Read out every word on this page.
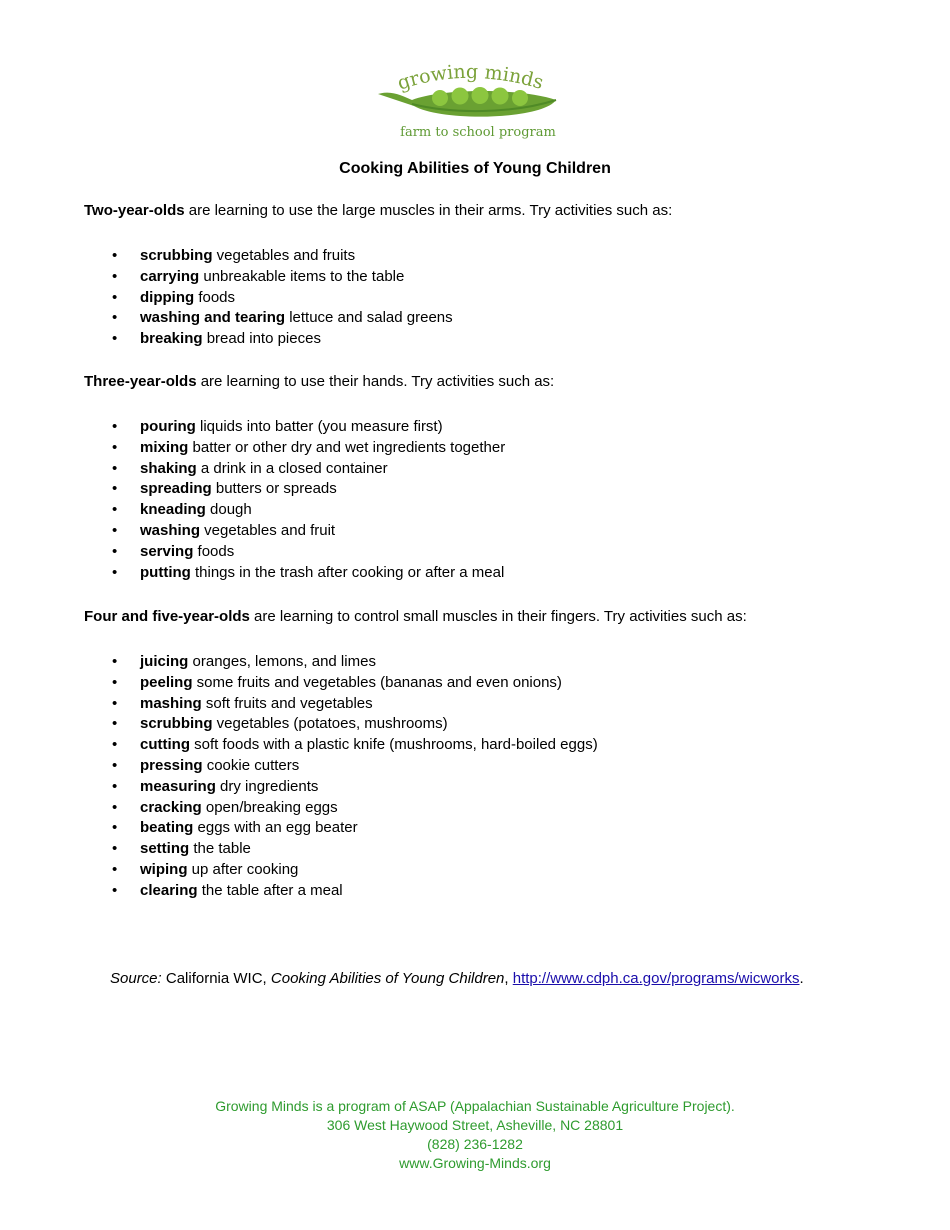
growing minds
farm to school program
Cooking Abilities of Young Children
Two-year-olds are learning to use the large muscles in their arms. Try activities such as:
• scrubbing vegetables and fruits
• carrying unbreakable items to the table
• dipping foods
• washing and tearing lettuce and salad greens
• breaking bread into pieces
Three-year-olds are learning to use their hands. Try activities such as:
• pouring liquids into batter (you measure first)
• mixing batter or other dry and wet ingredients together
• shaking a drink in a closed container
• spreading butters or spreads
• kneading dough
• washing vegetables and fruit
• serving foods
• putting things in the trash after cooking or after a meal
Four and five-year-olds are learning to control small muscles in their fingers. Try activities such as:
• juicing oranges, lemons, and limes
• peeling some fruits and vegetables (bananas and even onions)
• mashing soft fruits and vegetables
• scrubbing vegetables (potatoes, mushrooms)
• cutting soft foods with a plastic knife (mushrooms, hard-boiled eggs)
• pressing cookie cutters
• measuring dry ingredients
• cracking open/breaking eggs
• beating eggs with an egg beater
• setting the table
• wiping up after cooking
• clearing the table after a meal
Source: California WIC, Cooking Abilities of Young Children, http://www.cdph.ca.gov/programs/wicworks.
Growing Minds is a program of ASAP (Appalachian Sustainable Agriculture Project).
306 West Haywood Street, Asheville, NC 28801
(828) 236-1282
www.Growing-Minds.org
